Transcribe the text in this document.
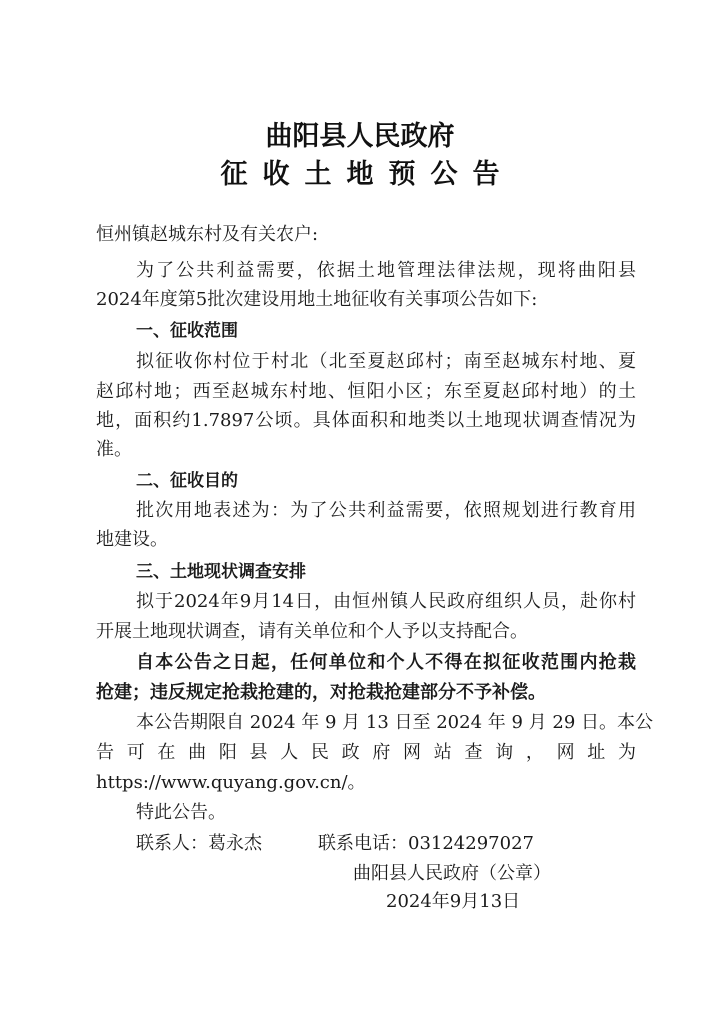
曲阳县人民政府
征收土地预公告
恒州镇赵城东村及有关农户:
为了公共利益需要，依据土地管理法律法规，现将曲阳县
2024年度第5批次建设用地土地征收有关事项公告如下:
一、征收范围
拟征收你村位于村北（北至夏赵邱村；南至赵城东村地、夏
赵邱村地；西至赵城东村地、恒阳小区；东至夏赵邱村地）的土
地，面积约1.7897公顷。具体面积和地类以土地现状调查情况为
准。
二、征收目的
批次用地表述为：为了公共利益需要，依照规划进行教育用
地建设。
三、土地现状调查安排
拟于2024年9月14日，由恒州镇人民政府组织人员，赴你村
开展土地现状调查，请有关单位和个人予以支持配合。
自本公告之日起，任何单位和个人不得在拟征收范围内抢栽
抢建；违反规定抢栽抢建的，对抢栽抢建部分不予补偿。
本公告期限自 2024 年 9 月 13 日至 2024 年 9 月 29 日。本公
告 可 在 曲 阳 县 人 民 政 府 网 站 查 询 ， 网 址 为
https://www.quyang.gov.cn/。
特此公告。
联系人：葛永杰	联系电话：03124297027
曲阳县人民政府（公章）
2024年9月13日
